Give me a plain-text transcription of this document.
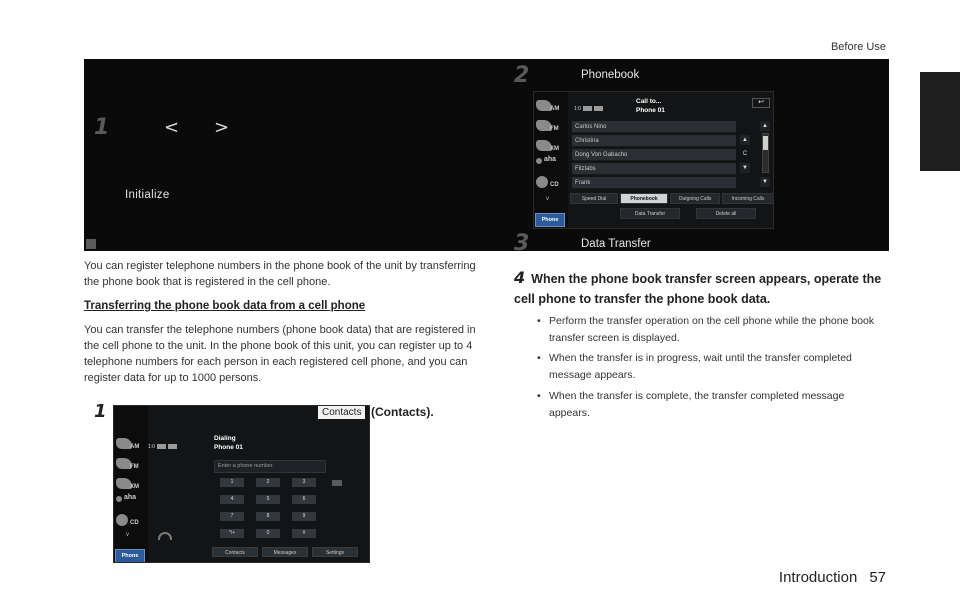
Before Use
1	< >
Initialize
2
3
Phonebook
Data Transfer
AM
FM
XM
aha
CD
v
Phone
1:0
Call to...
Phone 01
↩
Carlos Nino
Christina
Dong Von Gabacho
Fitzlabs
Frank
▲
C
▼
▲
▼
Speed Dial	Phonebook	Outgoing Calls	Incoming Calls
Data Transfer	Delete all

You can register telephone numbers in the phone book of the unit by transferring the phone book that is registered in the cell phone.

Transferring the phone book data from a cell phone

You can transfer the telephone numbers (phone book data) that are registered in the cell phone to the unit. In the phone book of this unit, you can register up to 4 telephone numbers for each person in each registered cell phone, and you can register data for up to 1000 persons.

1	(Contacts).
Contacts
AM
FM
XM
aha
CD
v
Phone
1:0
Dialing
Phone 01
Enter a phone number.
1	2	3
4	5	6
7	8	9
*/+	0	#
Contacts	Messages	Settings
4 When the phone book transfer screen appears, operate the cell phone to transfer the phone book data.
• Perform the transfer operation on the cell phone while the phone book transfer screen is displayed.
• When the transfer is in progress, wait until the transfer completed message appears.
• When the transfer is complete, the transfer completed message appears.
Introduction 57
